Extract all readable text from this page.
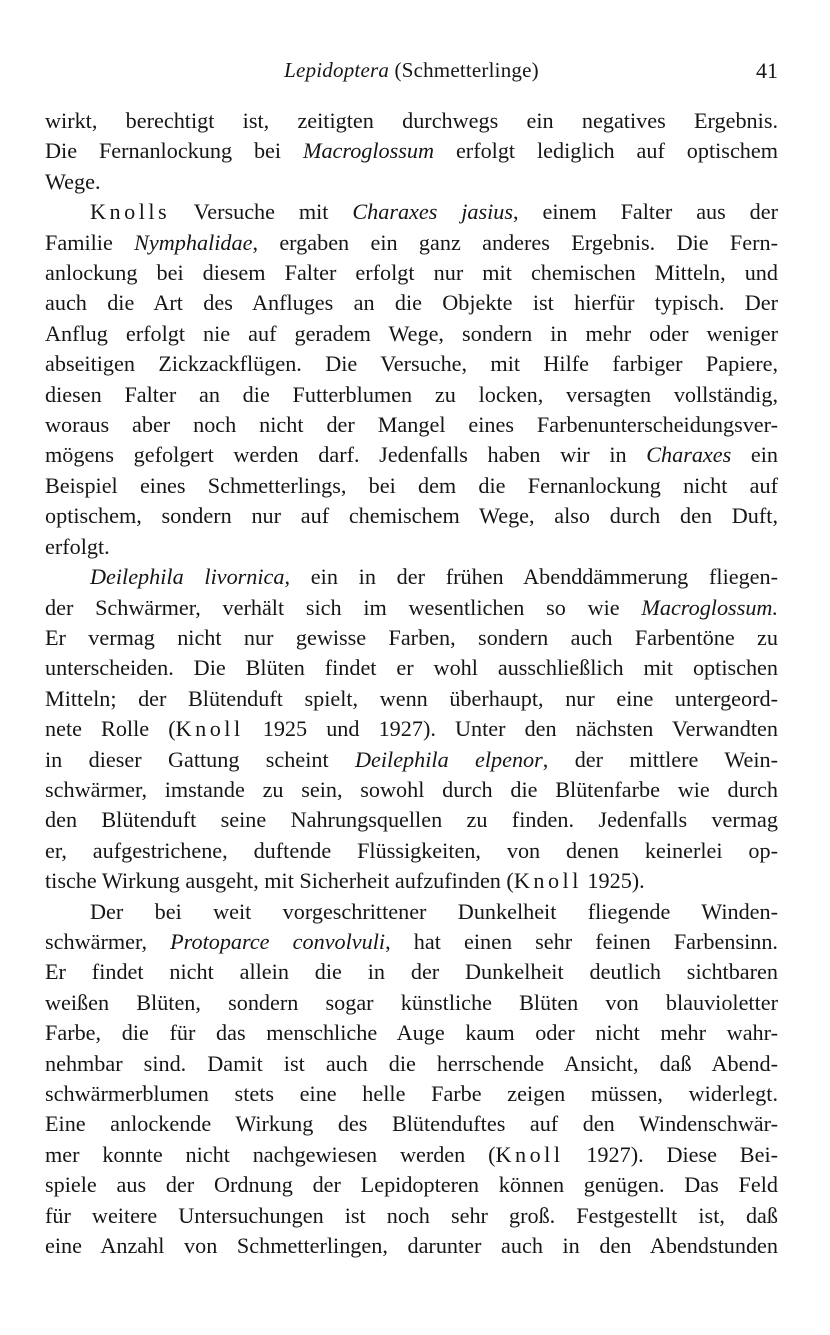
Lepidoptera (Schmetterlinge)	41

wirkt, berechtigt ist, zeitigten durchwegs ein negatives Ergebnis.
Die Fernanlockung bei Macroglossum erfolgt lediglich auf optischem
Wege.

Knolls Versuche mit Charaxes jasius, einem Falter aus der
Familie Nymphalidae, ergaben ein ganz anderes Ergebnis. Die Fern-
anlockung bei diesem Falter erfolgt nur mit chemischen Mitteln, und
auch die Art des Anfluges an die Objekte ist hierfür typisch. Der
Anflug erfolgt nie auf geradem Wege, sondern in mehr oder weniger
abseitigen Zickzackflügen. Die Versuche, mit Hilfe farbiger Papiere,
diesen Falter an die Futterblumen zu locken, versagten vollständig,
woraus aber noch nicht der Mangel eines Farbenunterscheidungsver-
mögens gefolgert werden darf. Jedenfalls haben wir in Charaxes ein
Beispiel eines Schmetterlings, bei dem die Fernanlockung nicht auf
optischem, sondern nur auf chemischem Wege, also durch den Duft,
erfolgt.

Deilephila livornica, ein in der frühen Abenddämmerung fliegen-
der Schwärmer, verhält sich im wesentlichen so wie Macroglossum.
Er vermag nicht nur gewisse Farben, sondern auch Farbentöne zu
unterscheiden. Die Blüten findet er wohl ausschließlich mit optischen
Mitteln; der Blütenduft spielt, wenn überhaupt, nur eine untergeord-
nete Rolle (Knoll 1925 und 1927). Unter den nächsten Verwandten
in dieser Gattung scheint Deilephila elpenor, der mittlere Wein-
schwärmer, imstande zu sein, sowohl durch die Blütenfarbe wie durch
den Blütenduft seine Nahrungsquellen zu finden. Jedenfalls vermag
er, aufgestrichene, duftende Flüssigkeiten, von denen keinerlei op-
tische Wirkung ausgeht, mit Sicherheit aufzufinden (Knoll 1925).

Der bei weit vorgeschrittener Dunkelheit fliegende Winden-
schwärmer, Protoparce convolvuli, hat einen sehr feinen Farbensinn.
Er findet nicht allein die in der Dunkelheit deutlich sichtbaren
weißen Blüten, sondern sogar künstliche Blüten von blauvioletter
Farbe, die für das menschliche Auge kaum oder nicht mehr wahr-
nehmbar sind. Damit ist auch die herrschende Ansicht, daß Abend-
schwärmerblumen stets eine helle Farbe zeigen müssen, widerlegt.
Eine anlockende Wirkung des Blütenduftes auf den Windenschwär-
mer konnte nicht nachgewiesen werden (Knoll 1927). Diese Bei-
spiele aus der Ordnung der Lepidopteren können genügen. Das Feld
für weitere Untersuchungen ist noch sehr groß. Festgestellt ist, daß
eine Anzahl von Schmetterlingen, darunter auch in den Abendstunden
